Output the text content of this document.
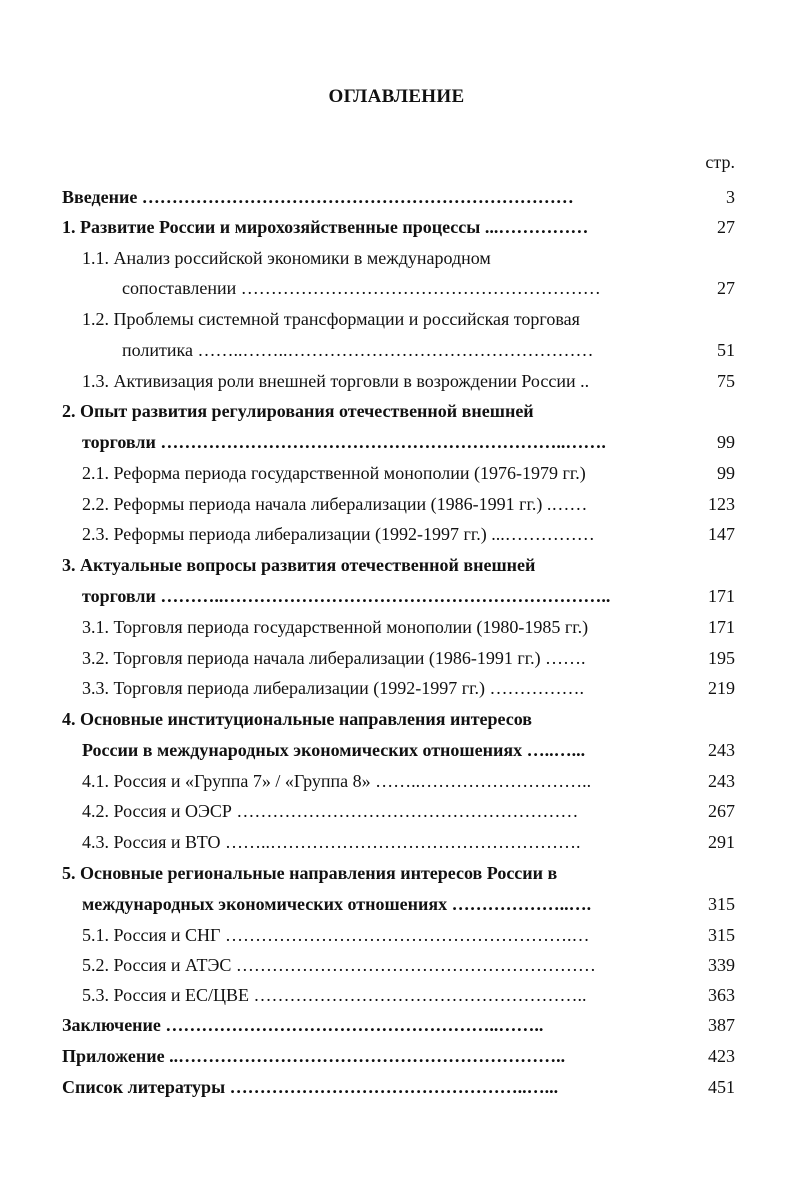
ОГЛАВЛЕНИЕ
стр.
Введение ………………………………………………………………	3
1. Развитие России и мирохозяйственные процессы ...……………	27
1.1. Анализ российской экономики в международном
сопоставлении ……………………………………………………	27
1.2. Проблемы системной трансформации и российская торговая
политика ……..……..……………………………………………	51
1.3. Активизация роли внешней торговли в возрождении России ..	75
2. Опыт развития регулирования отечественной внешней
торговли …………………………………………………………..…….	99
2.1. Реформа периода государственной монополии (1976-1979 гг.)	99
2.2. Реформы периода начала либерализации (1986-1991 гг.) .……	123
2.3. Реформы периода либерализации (1992-1997 гг.) ...……………	147
3. Актуальные вопросы развития отечественной внешней
торговли ………..………………………………………………………..	171
3.1. Торговля периода государственной монополии (1980-1985 гг.)	171
3.2. Торговля периода начала либерализации (1986-1991 гг.) …….	195
3.3. Торговля периода либерализации (1992-1997 гг.) …………….	219
4. Основные институциональные направления интересов
России в международных экономических отношениях …..…...	243
4.1. Россия и «Группа 7» / «Группа 8» ……..………………………..	243
4.2. Россия и ОЭСР …………………………………………………	267
4.3. Россия и ВТО ……..…………………………………………….	291
5. Основные региональные направления интересов России в
международных экономических отношениях ………………..….	315
5.1. Россия и СНГ ………………………………………………….…	315
5.2. Россия и АТЭС ……………………………………………………	339
5.3. Россия и ЕС/ЦВЕ ………………………………………………..	363
Заключение ………………………………………………..……..	387
Приложение ..………………………………………………………..	423
Список литературы …………………………………………..…...	451
